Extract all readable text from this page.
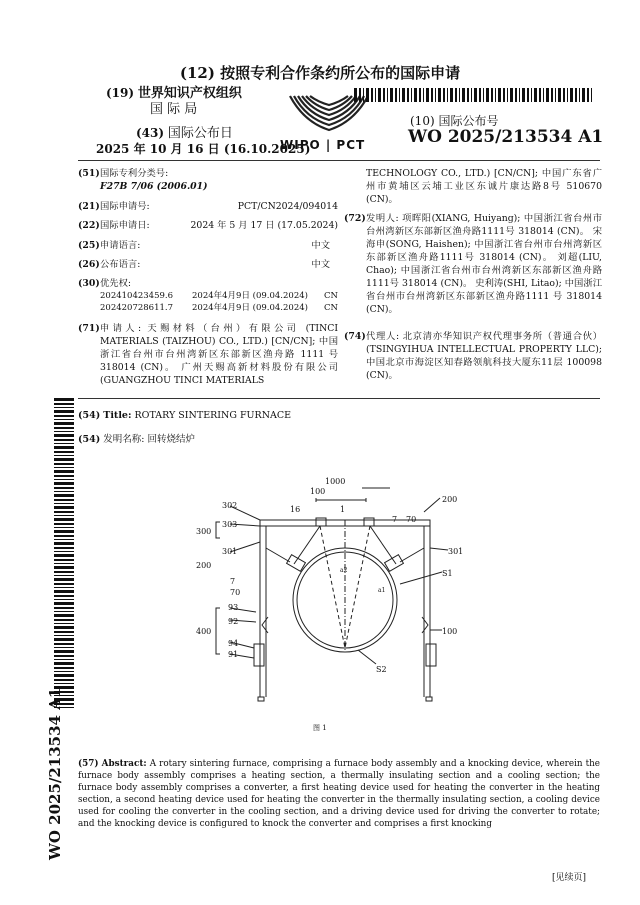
(12) 按照专利合作条约所公布的国际申请
(19) 世界知识产权组织
国 际 局
(43) 国际公布日
2025 年 10 月 16 日 (16.10.2025)
WIPO | PCT
(10) 国际公布号
WO 2025/213534 A1
(51)国际专利分类号:
F27B 7/06 (2006.01)
(21)国际申请号:	PCT/CN2024/094014
(22)国际申请日:	2024 年 5 月 17 日 (17.05.2024)
(25)申请语言:	中文
(26)公布语言:	中文
(30)优先权:
202410423459.6 2024年4月9日 (09.04.2024) CN
202420728611.7 2024年4月9日 (09.04.2024) CN
(71) 申请人: 天赐材料（台州）有限公司 (TINCI MATERIALS (TAIZHOU) CO., LTD.) [CN/CN]; 中国浙江省台州市台州湾新区东部新区渔舟路 1111 号 318014 (CN)。 广州天赐高新材料股份有限公司(GUANGZHOU TINCI MATERIALS
TECHNOLOGY CO., LTD.) [CN/CN]; 中国广东省广州市黄埔区云埔工业区东诚片康达路8号 510670 (CN)。
(72) 发明人: 项晖阳(XIANG, Huiyang); 中国浙江省台州市台州湾新区东部新区渔舟路1111号 318014 (CN)。 宋海申(SONG, Haishen); 中国浙江省台州市台州湾新区东部新区渔舟路1111号 318014 (CN)。 刘超(LIU, Chao); 中国浙江省台州市台州湾新区东部新区渔舟路1111号 318014 (CN)。 史利涛(SHI, Litao); 中国浙江省台州市台州湾新区东部新区渔舟路1111 号 318014 (CN)。
(74) 代理人: 北京清亦华知识产权代理事务所（普通合伙）(TSINGYIHUA INTELLECTUAL PROPERTY LLC); 中国北京市海淀区知春路领航科技大厦东11层 100098 (CN)。
WO 2025/213534 A1
(54) Title: ROTARY SINTERING FURNACE
(54) 发明名称: 回转烧结炉
1000
100
16	1
200
302
303
300
301
70
7
200
301
7
70
S1
a2
a1
93
92
400
94
91
100
S2
图 1
(57) Abstract: A rotary sintering furnace, comprising a furnace body assembly and a knocking device, wherein the furnace body assembly comprises a heating section, a thermally insulating section and a cooling section; the furnace body assembly comprises a converter, a first heating device used for heating the converter in the heating section, a second heating device used for heating the converter in the thermally insulating section, a cooling device used for cooling the converter in the cooling section, and a driving device used for driving the converter to rotate; and the knocking device is configured to knock the converter and comprises a first knocking
[见续页]
